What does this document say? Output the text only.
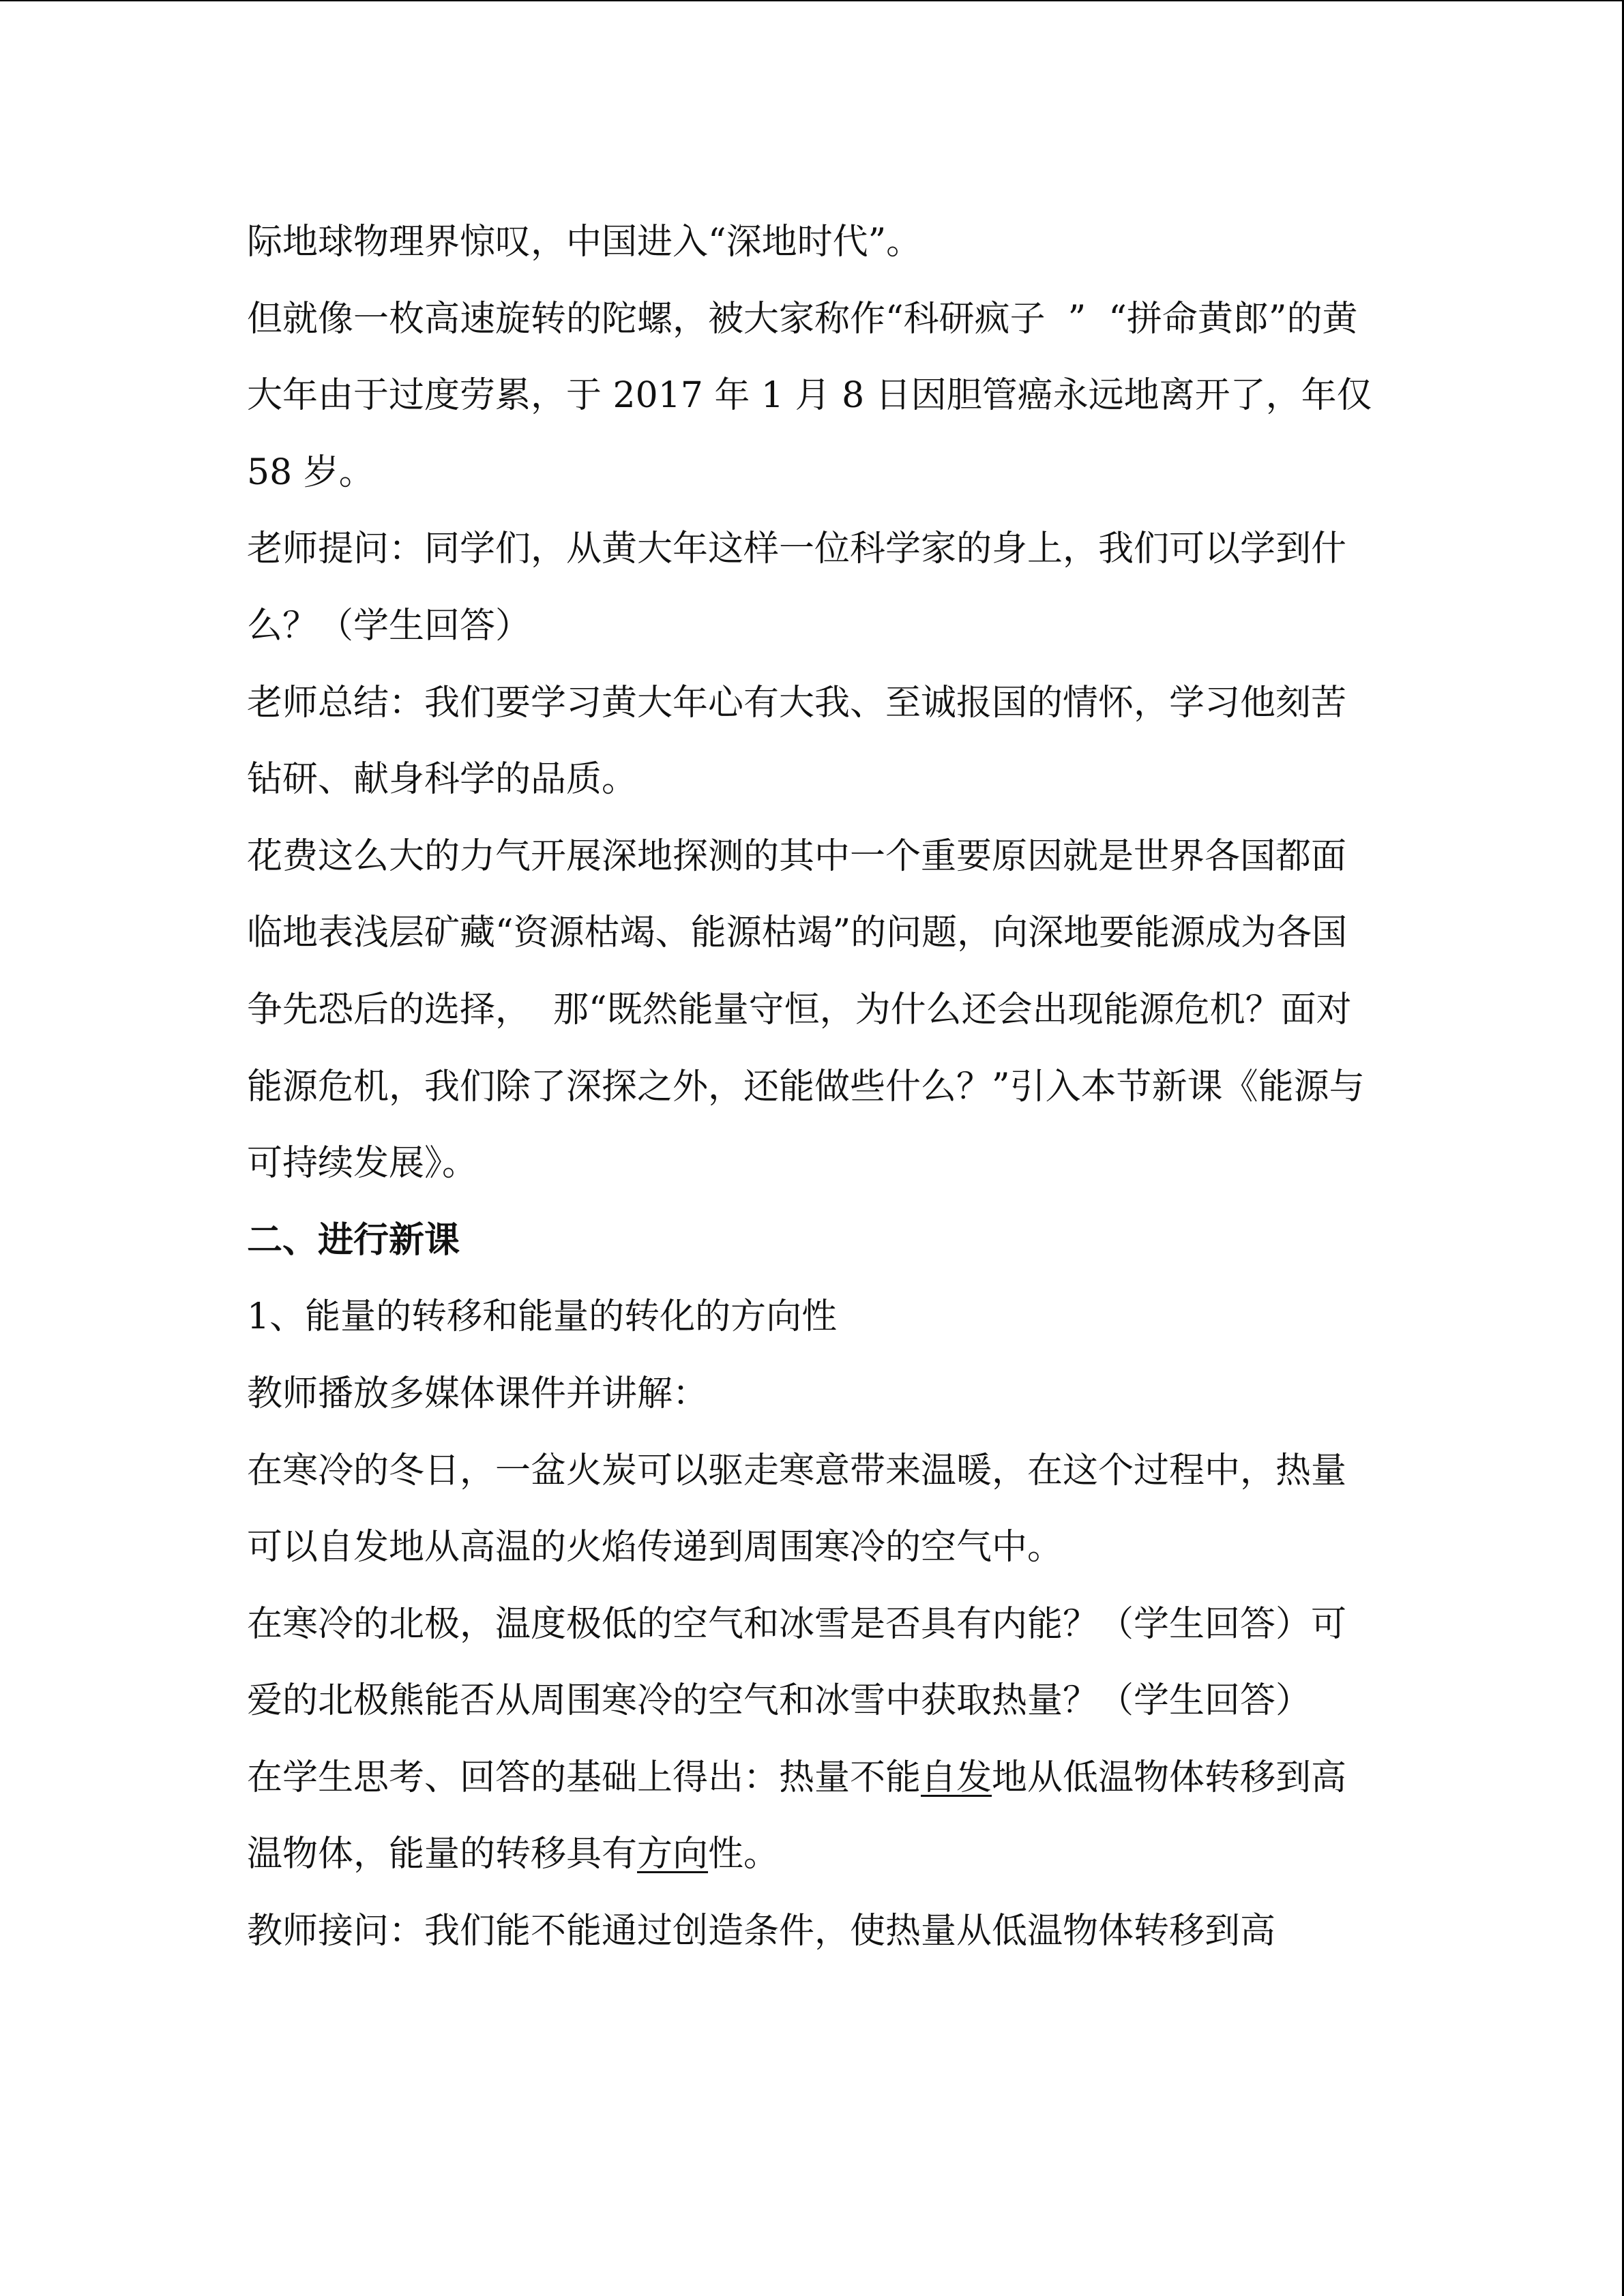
际地球物理界惊叹，中国进入“深地时代”。

但就像一枚高速旋转的陀螺，被大家称作“科研疯子  ”  “拼命黄郎”的黄大年由于过度劳累，于 2017 年 1 月 8 日因胆管癌永远地离开了，年仅 58 岁。

老师提问：同学们，从黄大年这样一位科学家的身上，我们可以学到什么？（学生回答）

老师总结：我们要学习黄大年心有大我、至诚报国的情怀，学习他刻苦钻研、献身科学的品质。

花费这么大的力气开展深地探测的其中一个重要原因就是世界各国都面临地表浅层矿藏“资源枯竭、能源枯竭”的问题，向深地要能源成为各国争先恐后的选择，  那“既然能量守恒，为什么还会出现能源危机？面对能源危机，我们除了深探之外，还能做些什么？”引入本节新课《能源与可持续发展》。

二、进行新课

1、能量的转移和能量的转化的方向性

教师播放多媒体课件并讲解：

在寒冷的冬日，一盆火炭可以驱走寒意带来温暖，在这个过程中，热量可以自发地从高温的火焰传递到周围寒冷的空气中。

在寒冷的北极，温度极低的空气和冰雪是否具有内能？（学生回答）可爱的北极熊能否从周围寒冷的空气和冰雪中获取热量？（学生回答）

在学生思考、回答的基础上得出：热量不能自发地从低温物体转移到高温物体，能量的转移具有方向性。

教师接问：我们能不能通过创造条件，使热量从低温物体转移到高
